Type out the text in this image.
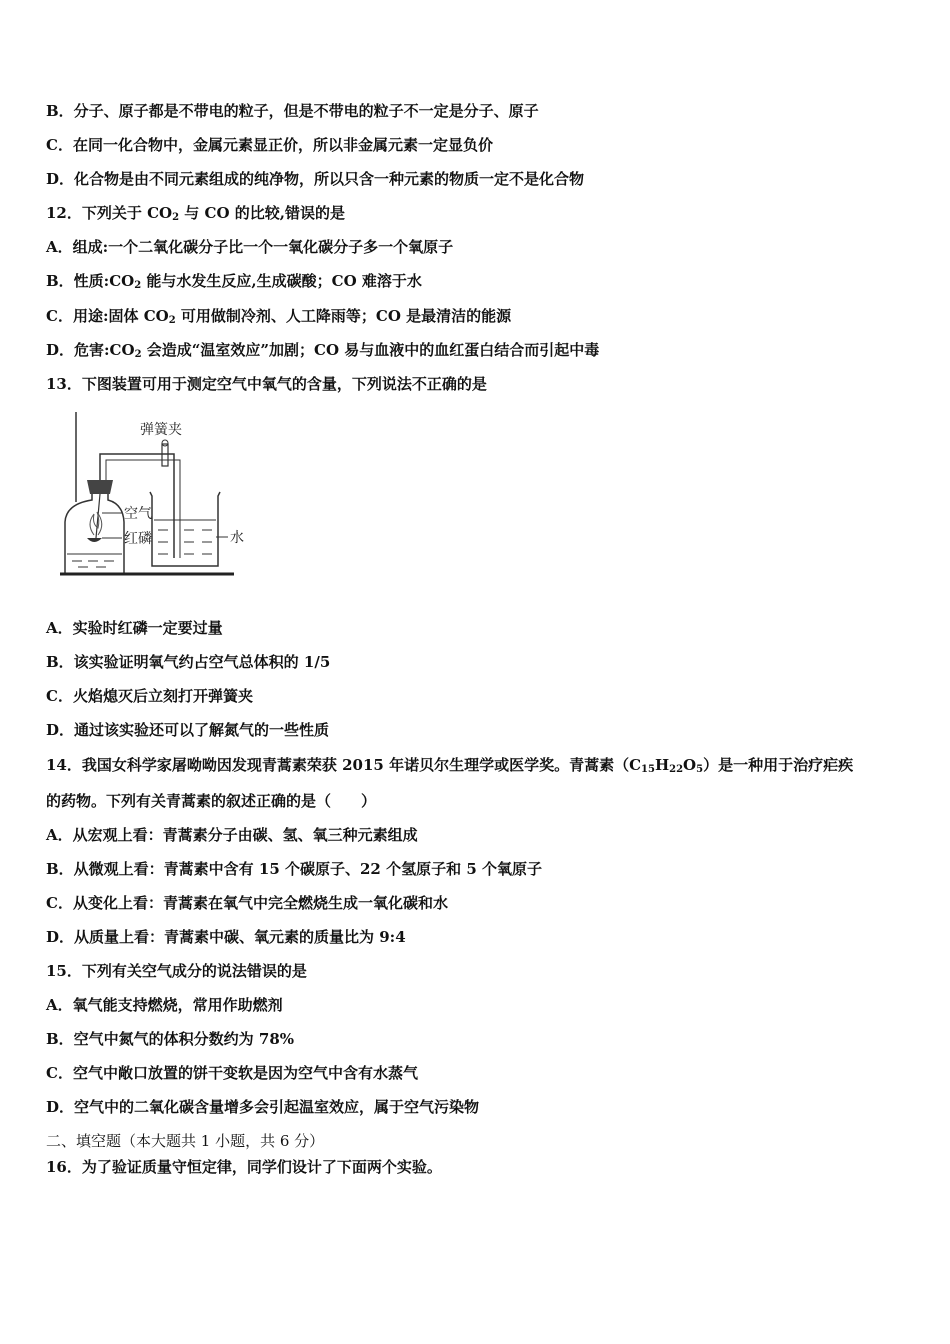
B．分子、原子都是不带电的粒子，但是不带电的粒子不一定是分子、原子
C．在同一化合物中，金属元素显正价，所以非金属元素一定显负价
D．化合物是由不同元素组成的纯净物，所以只含一种元素的物质一定不是化合物
12．下列关于 $CO_2$ 与 CO 的比较,错误的是
A．组成:一个二氧化碳分子比一个一氧化碳分子多一个氧原子
B．性质$:CO_2$ 能与水发生反应,生成碳酸；CO 难溶于水
C．用途:固体 $CO_2$ 可用做制冷剂、人工降雨等；CO 是最清洁的能源
D．危害$:CO_2$ 会造成“温室效应”加剧；CO 易与血液中的血红蛋白结合而引起中毒
13．下图装置可用于测定空气中氧气的含量，下列说法不正确的是
弹簧夹
空气
红磷	水
A．实验时红磷一定要过量
B．该实验证明氧气约占空气总体积的 1/5
C．火焰熄灭后立刻打开弹簧夹
D．通过该实验还可以了解氮气的一些性质
14．我国女科学家屠呦呦因发现青蒿素荣获 2015 年诺贝尔生理学或医学奖。青蒿素$(C_{15}H_{22}O_5)$是一种用于治疗疟疾
的药物。下列有关青蒿素的叙述正确的是（　　）
A．从宏观上看：青蒿素分子由碳、氢、氧三种元素组成
B．从微观上看：青蒿素中含有 15 个碳原子、22 个氢原子和 5 个氧原子
C．从变化上看：青蒿素在氧气中完全燃烧生成一氧化碳和水
D．从质量上看：青蒿素中碳、氧元素的质量比为 9:4
15．下列有关空气成分的说法错误的是
A．氧气能支持燃烧，常用作助燃剂
B．空气中氮气的体积分数约为 78%
C．空气中敞口放置的饼干变软是因为空气中含有水蒸气
D．空气中的二氧化碳含量增多会引起温室效应，属于空气污染物
二、填空题（本大题共 1 小题，共 6 分）
16．为了验证质量守恒定律，同学们设计了下面两个实验。
